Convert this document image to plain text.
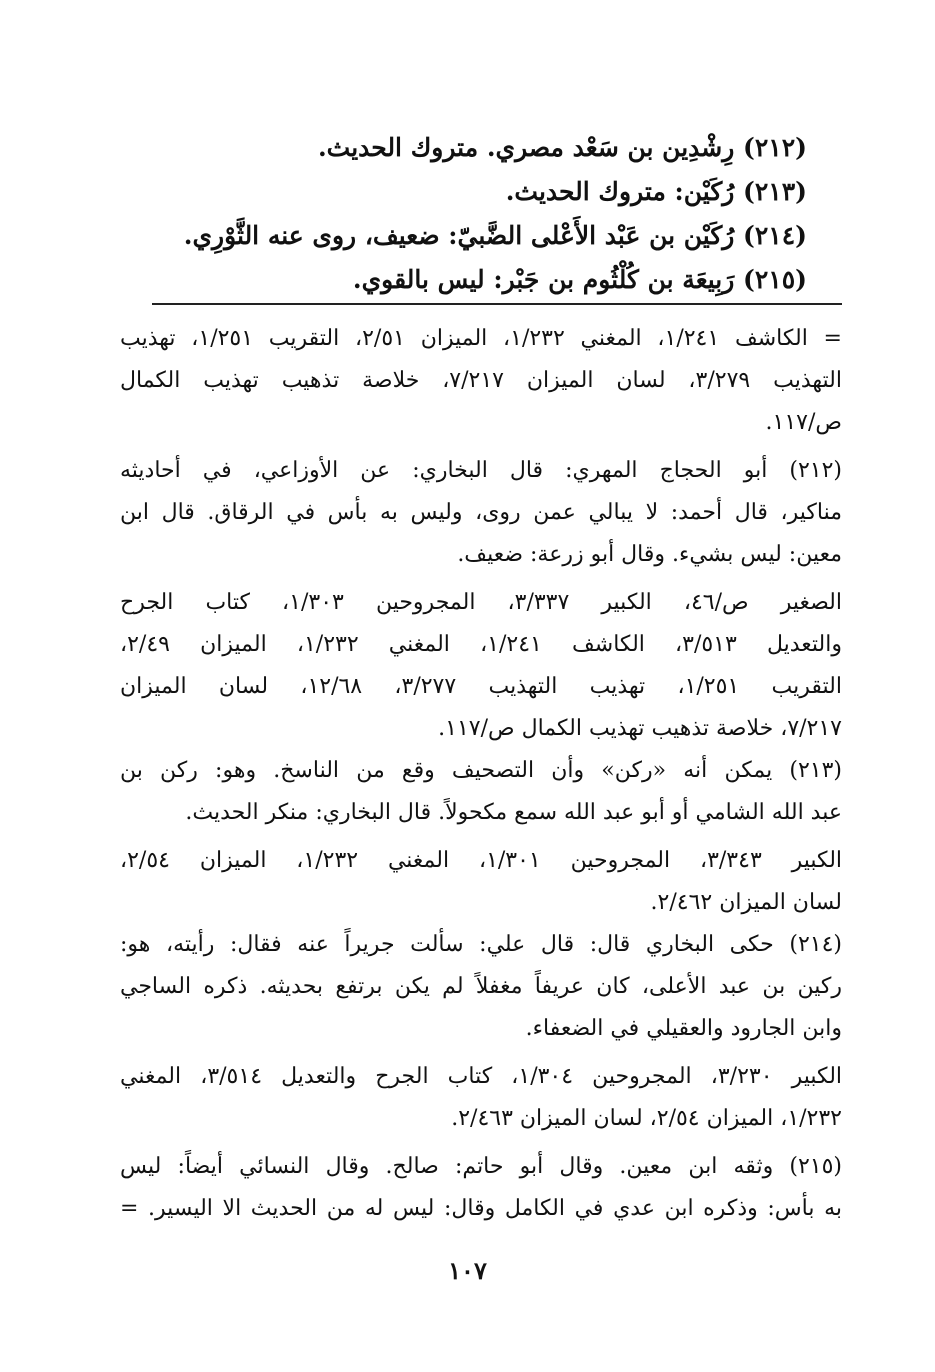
(٢١٢) رِشْدِين بن سَعْد مصري. متروك الحديث.
(٢١٣) رُكَيْن: متروك الحديث.
(٢١٤) رُكَيْن بن عَبْد الأَعْلى الضَّبيّ: ضعيف، روى عنه الثَّوْرِي.
(٢١٥) رَبِيعَة بن كُلْثُوم بن جَبْر: ليس بالقوي.
= الكاشف ١/٢٤١، المغني ١/٢٣٢، الميزان ٢/٥١، التقريب ١/٢٥١، تهذيب
التهذيب ٣/٢٧٩، لسان الميزان ٧/٢١٧، خلاصة تذهيب تهذيب الكمال
ص/١١٧.
(٢١٢) أبو الحجاج المهري: قال البخاري: عن الأوزاعي، في أحاديثه
مناكير، قال أحمد: لا يبالي عمن روى، وليس به بأس في الرقاق. قال ابن
معين: ليس بشيء. وقال أبو زرعة: ضعيف.
الصغير ص/٤٦، الكبير ٣/٣٣٧، المجروحين ١/٣٠٣، كتاب الجرح
والتعديل ٣/٥١٣، الكاشف ١/٢٤١، المغني ١/٢٣٢، الميزان ٢/٤٩،
التقريب ١/٢٥١، تهذيب التهذيب ٣/٢٧٧، ١٢/٦٨، لسان الميزان
٧/٢١٧، خلاصة تذهيب تهذيب الكمال ص/١١٧.
(٢١٣) يمكن أنه «ركن» وأن التصحيف وقع من الناسخ. وهو: ركن بن
عبد الله الشامي أو أبو عبد الله سمع مكحولاً. قال البخاري: منكر الحديث.
الكبير ٣/٣٤٣، المجروحين ١/٣٠١، المغني ١/٢٣٢، الميزان ٢/٥٤،
لسان الميزان ٢/٤٦٢.
(٢١٤) حكى البخاري قال: قال علي: سألت جريراً عنه فقال: رأيته، هو:
ركين بن عبد الأعلى، كان عريفاً مغفلاً لم يكن برتفع بحديثه. ذكره الساجي
وابن الجارود والعقيلي في الضعفاء.
الكبير ٣/٢٣٠، المجروحين ١/٣٠٤، كتاب الجرح والتعديل ٣/٥١٤، المغني
١/٢٣٢، الميزان ٢/٥٤، لسان الميزان ٢/٤٦٣.
(٢١٥) وثقه ابن معين. وقال أبو حاتم: صالح. وقال النسائي أيضاً: ليس
به بأس: وذكره ابن عدي في الكامل وقال: ليس له من الحديث الا اليسير. =
١٠٧
